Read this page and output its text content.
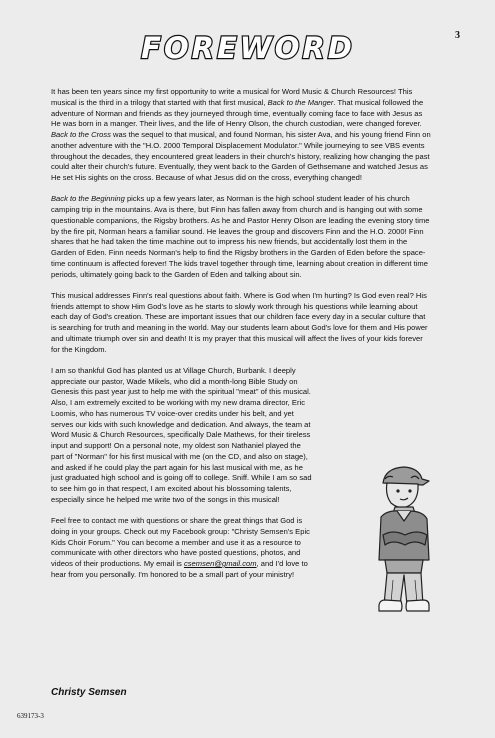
3
FOREWORD

It has been ten years since my first opportunity to write a musical for Word Music & Church Resources! This musical is the third in a trilogy that started with that first musical, Back to the Manger. That musical followed the adventure of Norman and friends as they journeyed through time, eventually coming face to face with Jesus as He was born in a manger. Their lives, and the life of Henry Olson, the church custodian, were changed forever. Back to the Cross was the sequel to that musical, and found Norman, his sister Ava, and his young friend Finn on another adventure with the "H.O. 2000 Temporal Displacement Modulator." While journeying to see VBS events throughout the decades, they encountered great leaders in their church's history, realizing how changing the past could alter their church's future. Eventually, they went back to the Garden of Gethsemane and watched Jesus as He set His sights on the cross. Because of what Jesus did on the cross, everything changed!

Back to the Beginning picks up a few years later, as Norman is the high school student leader of his church camping trip in the mountains. Ava is there, but Finn has fallen away from church and is hanging out with some questionable companions, the Rigsby brothers. As he and Pastor Henry Olson are leading the evening story time by the fire pit, Norman hears a familiar sound. He leaves the group and discovers Finn and the H.O. 2000! Finn shares that he had taken the time machine out to impress his new friends, but accidentally lost them in the Garden of Eden. Finn needs Norman's help to find the Rigsby brothers in the Garden of Eden before the space-time continuum is affected forever! The kids travel together through time, learning about creation in different time periods, ultimately going back to the Garden of Eden and talking about sin.

This musical addresses Finn's real questions about faith. Where is God when I'm hurting? Is God even real? His friends attempt to show Him God's love as he starts to slowly work through his questions while learning about each day of God's creation. These are important issues that our children face every day in a secular culture that is searching for truth and meaning in the world. May our students learn about God's love for them and His power and ultimate triumph over sin and death! It is my prayer that this musical will affect the lives of your kids forever for the Kingdom.

I am so thankful God has planted us at Village Church, Burbank. I deeply appreciate our pastor, Wade Mikels, who did a month-long Bible Study on Genesis this past year just to help me with the spiritual "meat" of this musical. Also, I am extremely excited to be working with my new drama director, Eric Loomis, who has numerous TV voice-over credits under his belt, and yet serves our kids with such knowledge and dedication. And always, the team at Word Music & Church Resources, specifically Dale Mathews, for their tireless input and support! On a personal note, my oldest son Nathaniel played the part of "Norman" for his first musical with me (on the CD, and also on stage), and asked if he could play the part again for his last musical with me, as he just graduated high school and is going off to college. Sniff. While I am so sad to see him go in that respect, I am excited about his blossoming talents, especially since he helped me write two of the songs in this musical!

Feel free to contact me with questions or share the great things that God is doing in your groups. Check out my Facebook group: "Christy Semsen's Epic Kids Choir Forum." You can become a member and use it as a resource to communicate with other directors who have posted questions, photos, and videos of their productions. My email is csemsen@gmail.com, and I'd love to hear from you personally. I'm honored to be a small part of your ministry!

Christy Semsen
639173-3
